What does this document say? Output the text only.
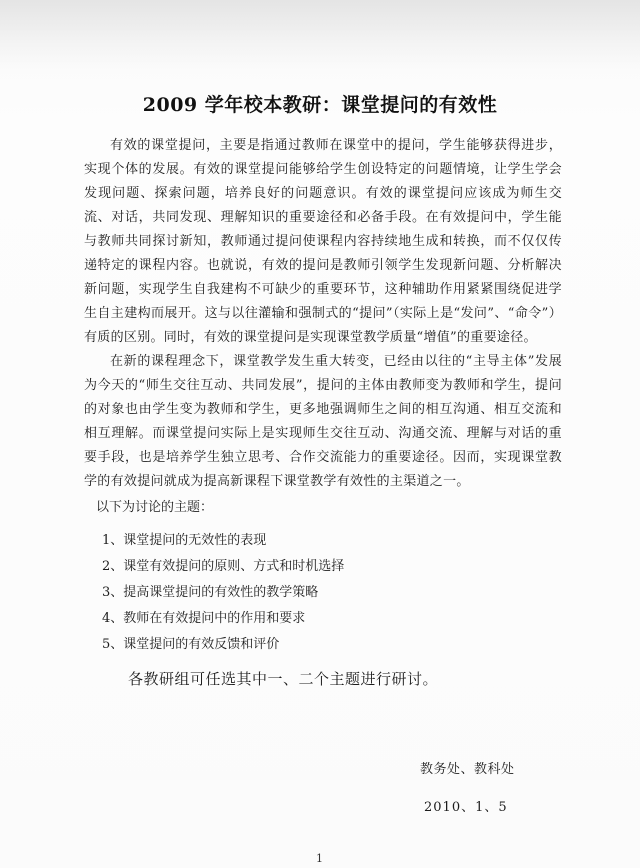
2009 学年校本教研：课堂提问的有效性

有效的课堂提问，主要是指通过教师在课堂中的提问，学生能够获得进步，实现个体的发展。有效的课堂提问能够给学生创设特定的问题情境，让学生学会发现问题、探索问题，培养良好的问题意识。有效的课堂提问应该成为师生交流、对话，共同发现、理解知识的重要途径和必备手段。在有效提问中，学生能与教师共同探讨新知，教师通过提问使课程内容持续地生成和转换，而不仅仅传递特定的课程内容。也就说，有效的提问是教师引领学生发现新问题、分析解决新问题，实现学生自我建构不可缺少的重要环节，这种辅助作用紧紧围绕促进学生自主建构而展开。这与以往灌输和强制式的“提问”（实际上是“发问”、“命令”）有质的区别。同时，有效的课堂提问是实现课堂教学质量“增值”的重要途径。

在新的课程理念下，课堂教学发生重大转变，已经由以往的“主导主体”发展为今天的“师生交往互动、共同发展”，提问的主体由教师变为教师和学生，提问的对象也由学生变为教师和学生，更多地强调师生之间的相互沟通、相互交流和相互理解。而课堂提问实际上是实现师生交往互动、沟通交流、理解与对话的重要手段，也是培养学生独立思考、合作交流能力的重要途径。因而，实现课堂教学的有效提问就成为提高新课程下课堂教学有效性的主渠道之一。

以下为讨论的主题：

1、课堂提问的无效性的表现
2、课堂有效提问的原则、方式和时机选择
3、提高课堂提问的有效性的教学策略
4、教师在有效提问中的作用和要求
5、课堂提问的有效反馈和评价

各教研组可任选其中一、二个主题进行研讨。

教务处、教科处
2010、1、5
1
